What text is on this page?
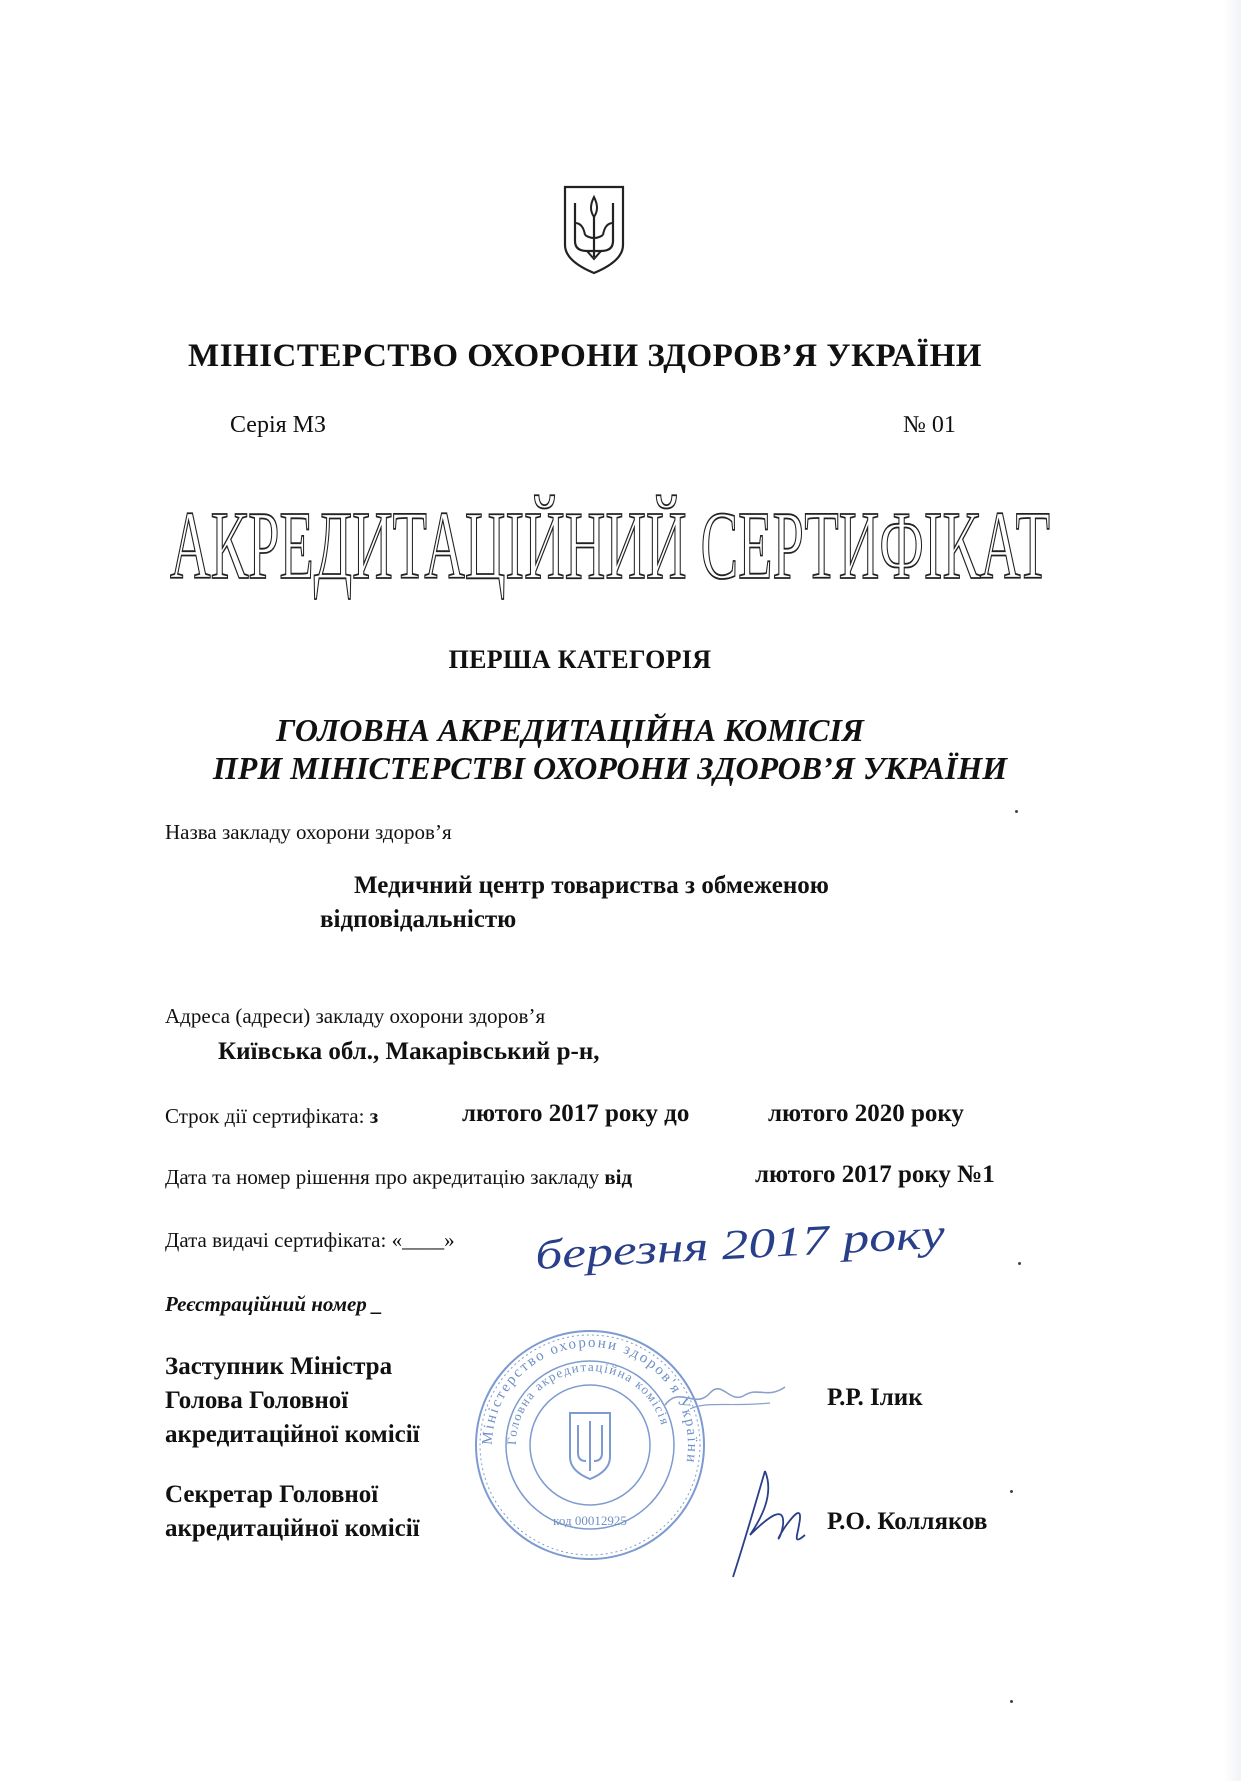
МІНІСТЕРСТВО ОХОРОНИ ЗДОРОВ’Я УКРАЇНИ
Серія МЗ	№ 01
АКРЕДИТАЦІЙНИЙ СЕРТИФІКАТ
ПЕРША КАТЕГОРІЯ
ГОЛОВНА АКРЕДИТАЦІЙНА КОМІСІЯ
ПРИ МІНІСТЕРСТВІ ОХОРОНИ ЗДОРОВ’Я УКРАЇНИ
Назва закладу охорони здоров’я
Медичний центр товариства з обмеженою
відповідальністю
Адреса (адреси) закладу охорони здоров’я
Київська обл., Макарівський р-н,
Строк дії сертифіката: з	лютого 2017 року до	лютого 2020 року
Дата та номер рішення про акредитацію закладу від	лютого 2017 року №1
Дата видачі сертифіката: «____» березня 2017 року
Реєстраційний номер _
Заступник Міністра
Голова Головної
акредитаційної комісії
Р.Р. Ілик
Секретар Головної
акредитаційної комісії	Р.О. Колляков
Міністерство охорони здоров'я України
Головна акредитаційна комісія
код 00012925
